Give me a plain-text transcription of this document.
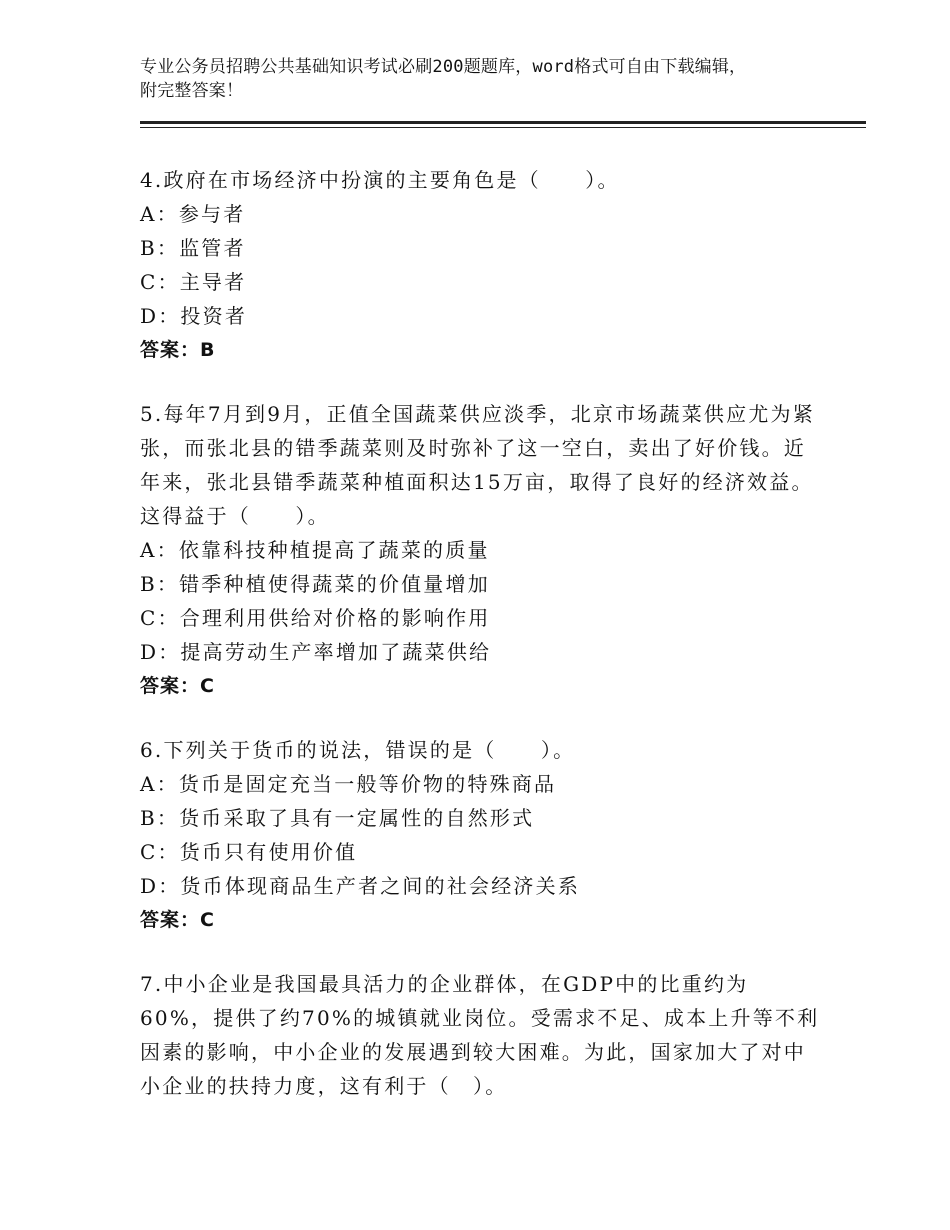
专业公务员招聘公共基础知识考试必刷200题题库，word格式可自由下载编辑，
附完整答案！

4.政府在市场经济中扮演的主要角色是（　　）。

A：参与者

B：监管者

C：主导者

D：投资者

答案：B

5.每年7月到9月，正值全国蔬菜供应淡季，北京市场蔬菜供应尤为紧张，而张北县的错季蔬菜则及时弥补了这一空白，卖出了好价钱。近年来，张北县错季蔬菜种植面积达15万亩，取得了良好的经济效益。这得益于（　　）。

A：依靠科技种植提高了蔬菜的质量

B：错季种植使得蔬菜的价值量增加

C：合理利用供给对价格的影响作用

D：提高劳动生产率增加了蔬菜供给

答案：C

6.下列关于货币的说法，错误的是（　　）。

A：货币是固定充当一般等价物的特殊商品

B：货币采取了具有一定属性的自然形式

C：货币只有使用价值

D：货币体现商品生产者之间的社会经济关系

答案：C

7.中小企业是我国最具活力的企业群体，在GDP中的比重约为60%，提供了约70%的城镇就业岗位。受需求不足、成本上升等不利因素的影响，中小企业的发展遇到较大困难。为此，国家加大了对中小企业的扶持力度，这有利于（　）。
